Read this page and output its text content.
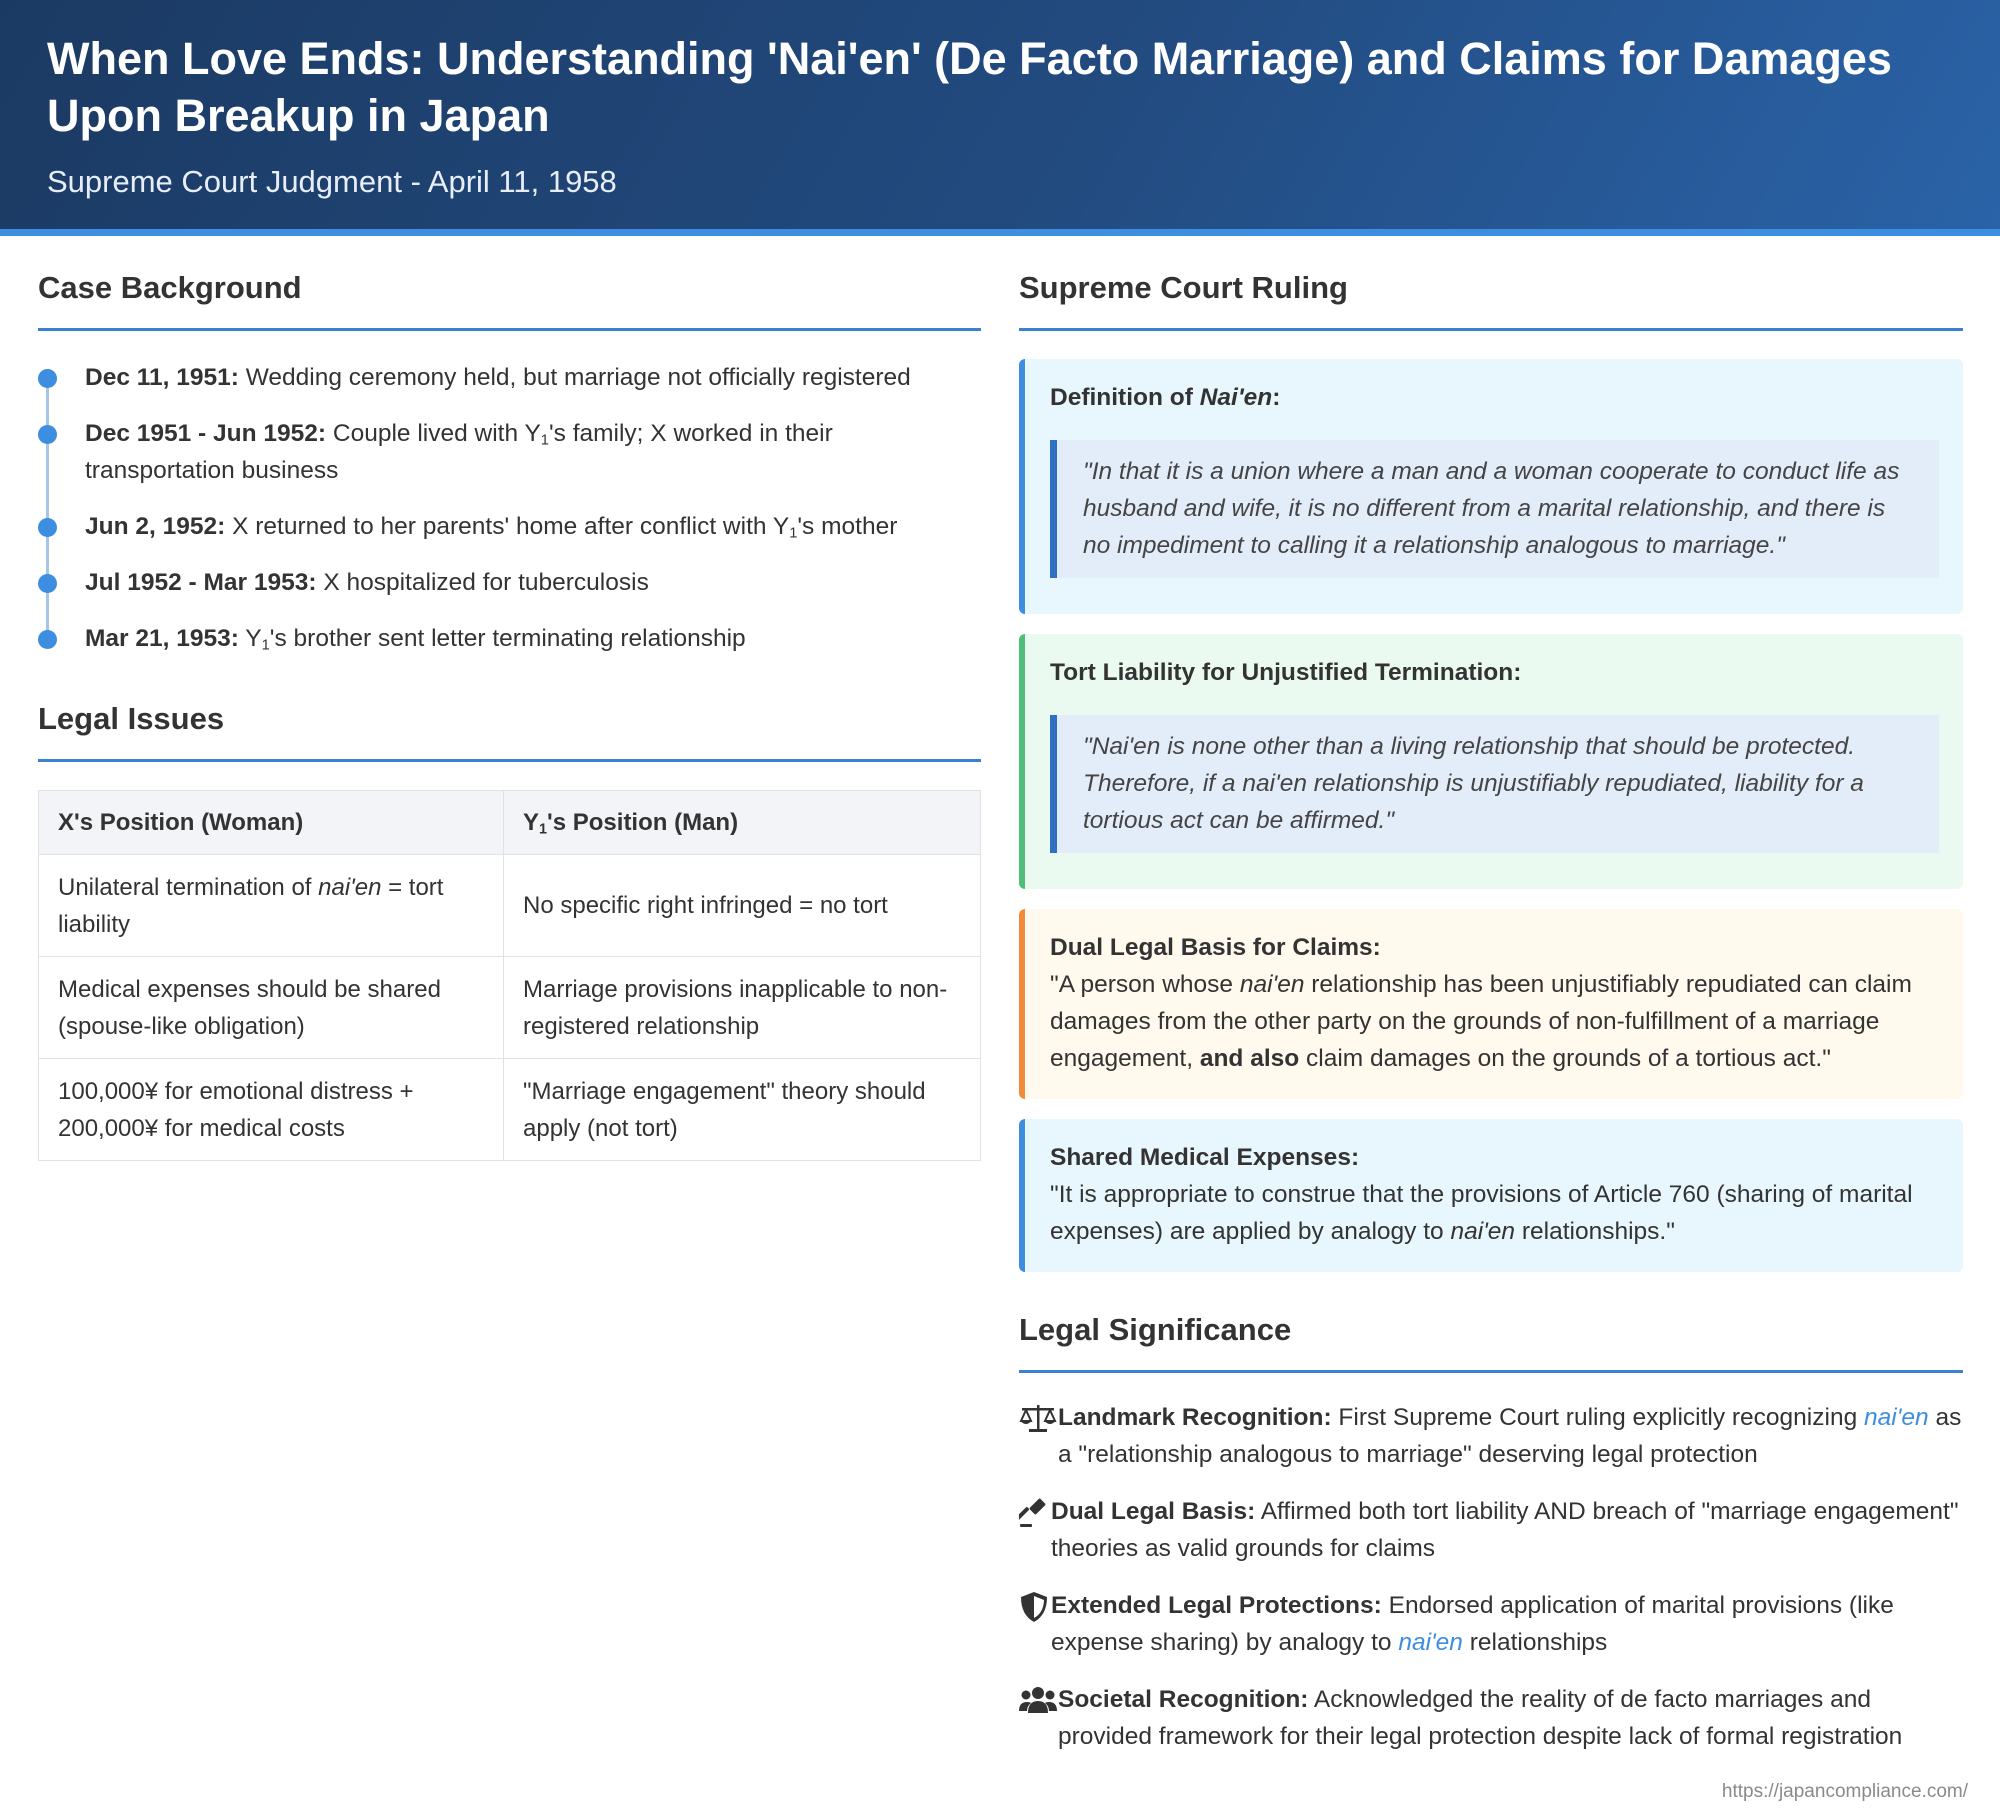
When Love Ends: Understanding 'Nai'en' (De Facto Marriage) and Claims for Damages Upon Breakup in Japan
Supreme Court Judgment - April 11, 1958
Case Background
Dec 11, 1951: Wedding ceremony held, but marriage not officially registered
Dec 1951 - Jun 1952: Couple lived with $Y_1's$ family; X worked in their transportation business
Jun 2, 1952: X returned to her parents' home after conflict with $Y_1's$ mother
Jul 1952 - Mar 1953: X hospitalized for tuberculosis
Mar 21, 1953: $Y_1's$ brother sent letter terminating relationship
Legal Issues
X's Position (Woman)	$Y_1's$ Position (Man)
Unilateral termination of nai'en = tort liability	No specific right infringed = no tort
Medical expenses should be shared (spouse-like obligation)	Marriage provisions inapplicable to non-registered relationship
100,000¥ for emotional distress + 200,000¥ for medical costs	"Marriage engagement" theory should apply (not tort)
Supreme Court Ruling
Definition of Nai'en:
"In that it is a union where a man and a woman cooperate to conduct life as husband and wife, it is no different from a marital relationship, and there is no impediment to calling it a relationship analogous to marriage."
Tort Liability for Unjustified Termination:
"Nai'en is none other than a living relationship that should be protected. Therefore, if a nai'en relationship is unjustifiably repudiated, liability for a tortious act can be affirmed."
Dual Legal Basis for Claims:
"A person whose nai'en relationship has been unjustifiably repudiated can claim damages from the other party on the grounds of non-fulfillment of a marriage engagement, and also claim damages on the grounds of a tortious act."
Shared Medical Expenses:
"It is appropriate to construe that the provisions of Article 760 (sharing of marital expenses) are applied by analogy to nai'en relationships."
Legal Significance
Landmark Recognition: First Supreme Court ruling explicitly recognizing nai'en as a "relationship analogous to marriage" deserving legal protection
Dual Legal Basis: Affirmed both tort liability AND breach of "marriage engagement" theories as valid grounds for claims
Extended Legal Protections: Endorsed application of marital provisions (like expense sharing) by analogy to nai'en relationships
Societal Recognition: Acknowledged the reality of de facto marriages and provided framework for their legal protection despite lack of formal registration
https://japancompliance.com/
